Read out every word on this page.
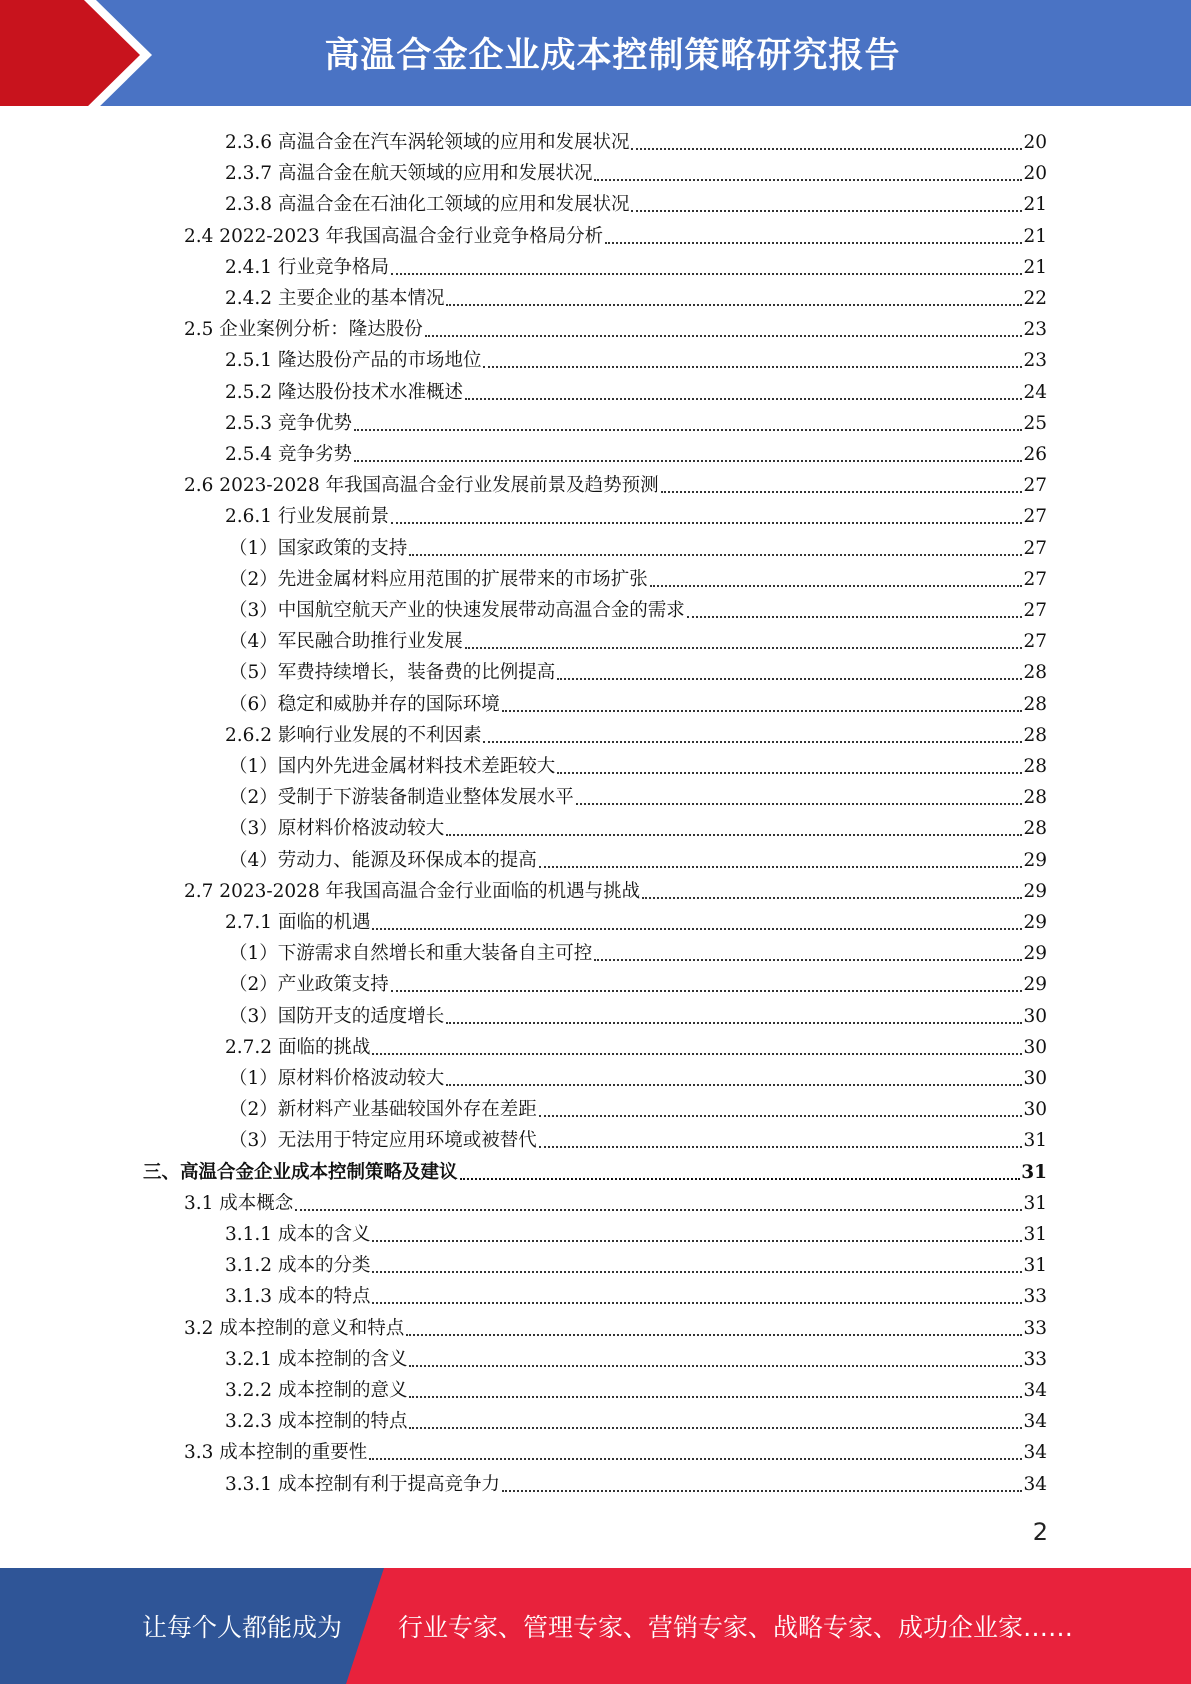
高温合金企业成本控制策略研究报告
2.3.6 高温合金在汽车涡轮领域的应用和发展状况	20
2.3.7 高温合金在航天领域的应用和发展状况	20
2.3.8 高温合金在石油化工领域的应用和发展状况	21
2.4 2022-2023 年我国高温合金行业竞争格局分析	21
2.4.1 行业竞争格局	21
2.4.2 主要企业的基本情况	22
2.5 企业案例分析：隆达股份	23
2.5.1 隆达股份产品的市场地位	23
2.5.2 隆达股份技术水准概述	24
2.5.3 竞争优势	25
2.5.4 竞争劣势	26
2.6 2023-2028 年我国高温合金行业发展前景及趋势预测	27
2.6.1 行业发展前景	27
（1）国家政策的支持	27
（2）先进金属材料应用范围的扩展带来的市场扩张	27
（3）中国航空航天产业的快速发展带动高温合金的需求	27
（4）军民融合助推行业发展	27
（5）军费持续增长，装备费的比例提高	28
（6）稳定和威胁并存的国际环境	28
2.6.2 影响行业发展的不利因素	28
（1）国内外先进金属材料技术差距较大	28
（2）受制于下游装备制造业整体发展水平	28
（3）原材料价格波动较大	28
（4）劳动力、能源及环保成本的提高	29
2.7 2023-2028 年我国高温合金行业面临的机遇与挑战	29
2.7.1 面临的机遇	29
（1）下游需求自然增长和重大装备自主可控	29
（2）产业政策支持	29
（3）国防开支的适度增长	30
2.7.2 面临的挑战	30
（1）原材料价格波动较大	30
（2）新材料产业基础较国外存在差距	30
（3）无法用于特定应用环境或被替代	31
三、高温合金企业成本控制策略及建议	31
3.1 成本概念	31
3.1.1 成本的含义	31
3.1.2 成本的分类	31
3.1.3 成本的特点	33
3.2 成本控制的意义和特点	33
3.2.1 成本控制的含义	33
3.2.2 成本控制的意义	34
3.2.3 成本控制的特点	34
3.3 成本控制的重要性	34
3.3.1 成本控制有利于提高竞争力	34
2
让每个人都能成为 行业专家、管理专家、营销专家、战略专家、成功企业家……
